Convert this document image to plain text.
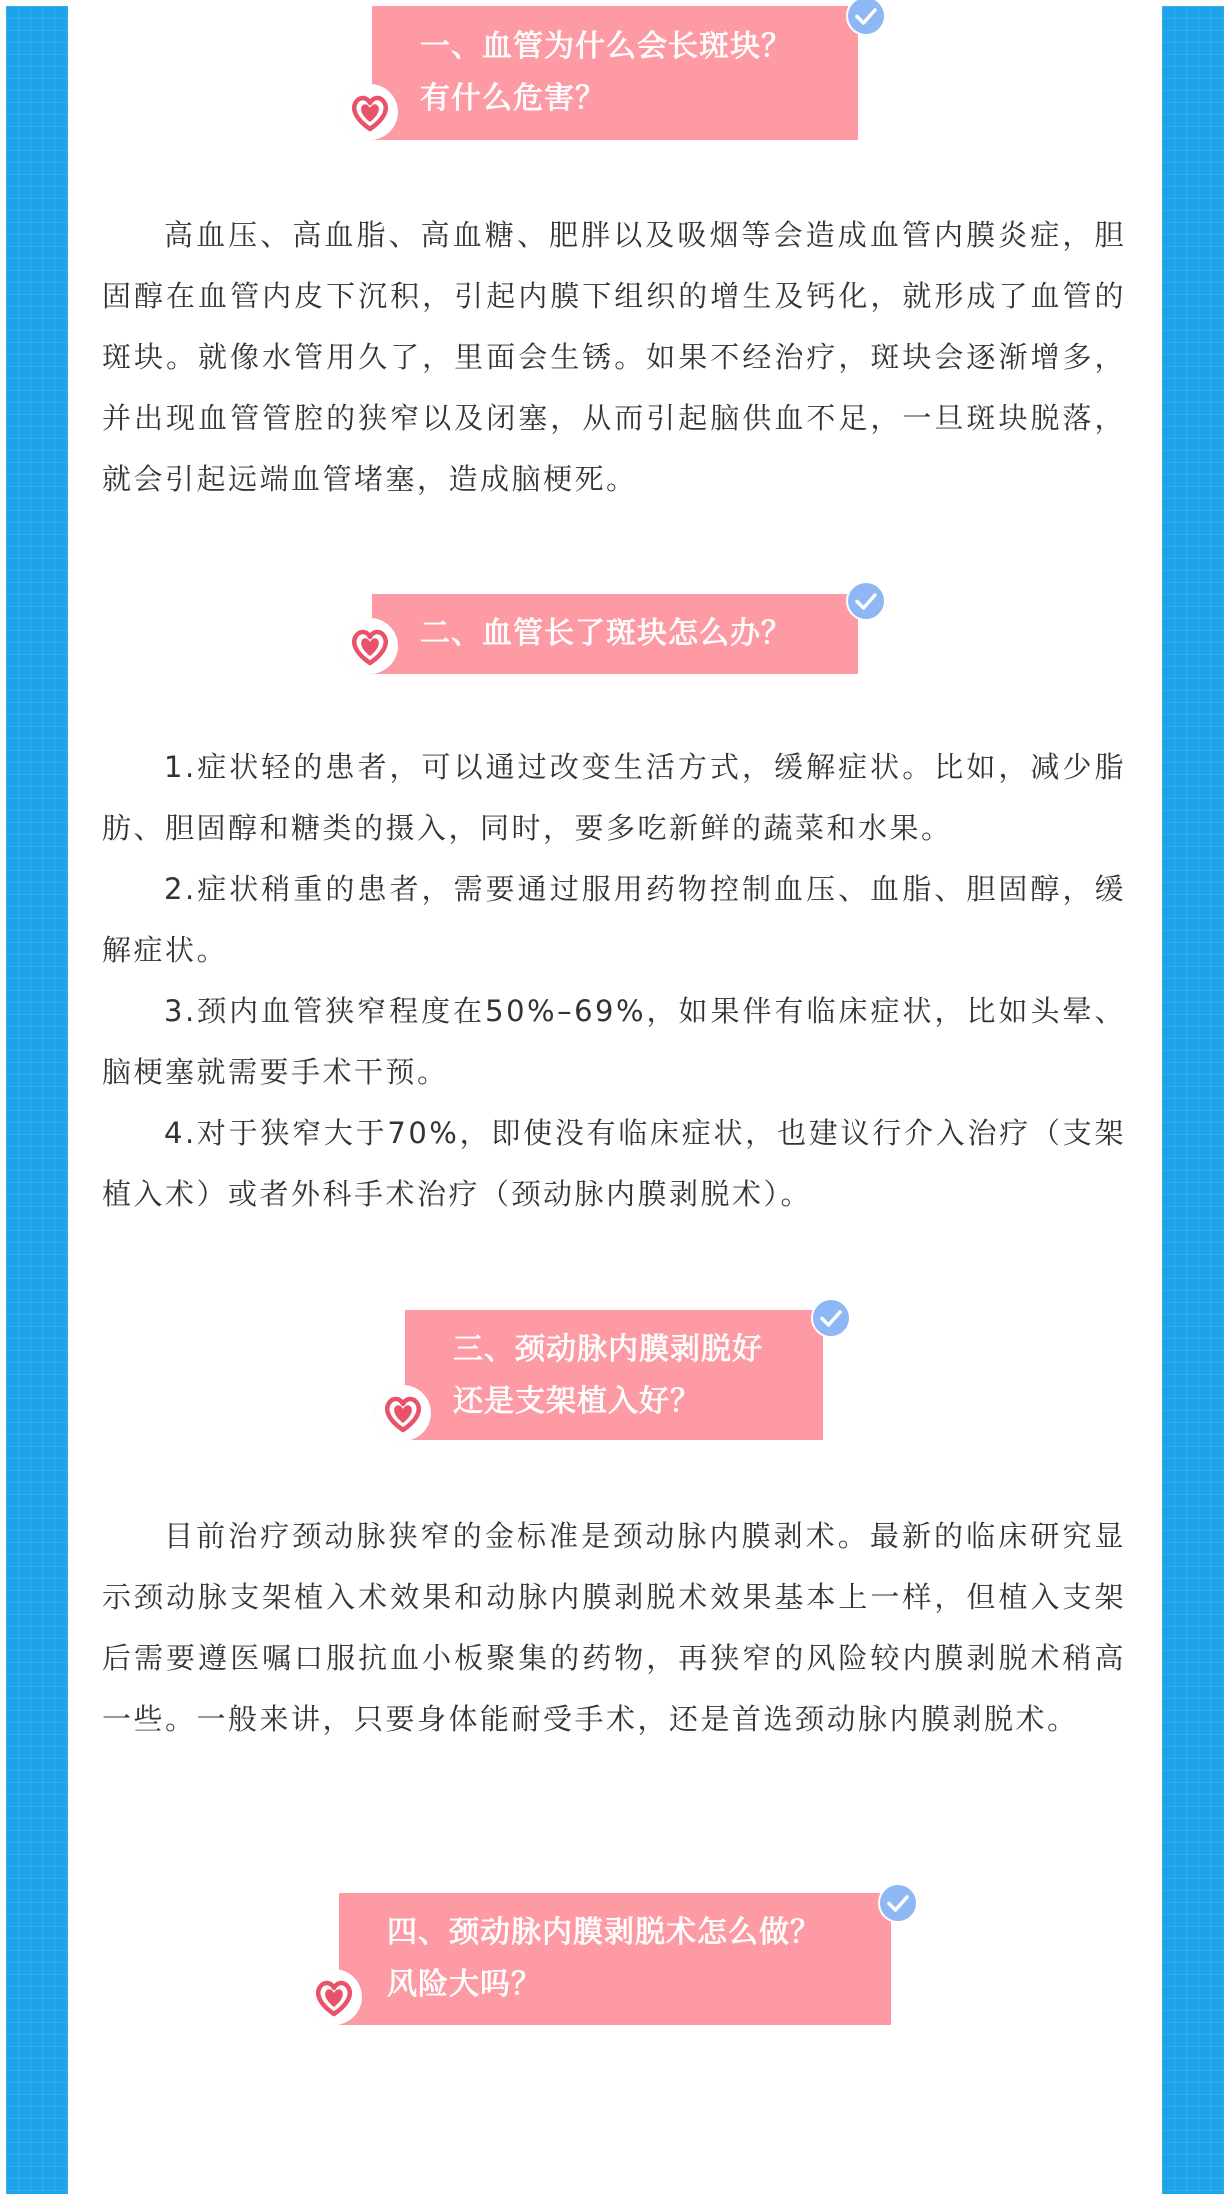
一、血管为什么会长斑块？
有什么危害？

高血压、高血脂、高血糖、肥胖以及吸烟等会造成血管内膜炎症，胆固醇在血管内皮下沉积，引起内膜下组织的增生及钙化，就形成了血管的斑块。就像水管用久了，里面会生锈。如果不经治疗，斑块会逐渐增多，并出现血管管腔的狭窄以及闭塞，从而引起脑供血不足，一旦斑块脱落，就会引起远端血管堵塞，造成脑梗死。

二、血管长了斑块怎么办？

1.症状轻的患者，可以通过改变生活方式，缓解症状。比如，减少脂肪、胆固醇和糖类的摄入，同时，要多吃新鲜的蔬菜和水果。

2.症状稍重的患者，需要通过服用药物控制血压、血脂、胆固醇，缓解症状。

3.颈内血管狭窄程度在50%–69%，如果伴有临床症状，比如头晕、脑梗塞就需要手术干预。

4.对于狭窄大于70%，即使没有临床症状，也建议行介入治疗（支架植入术）或者外科手术治疗（颈动脉内膜剥脱术）。

三、颈动脉内膜剥脱好
还是支架植入好？

目前治疗颈动脉狭窄的金标准是颈动脉内膜剥术。最新的临床研究显示颈动脉支架植入术效果和动脉内膜剥脱术效果基本上一样，但植入支架后需要遵医嘱口服抗血小板聚集的药物，再狭窄的风险较内膜剥脱术稍高一些。一般来讲，只要身体能耐受手术，还是首选颈动脉内膜剥脱术。

四、颈动脉内膜剥脱术怎么做？
风险大吗？
